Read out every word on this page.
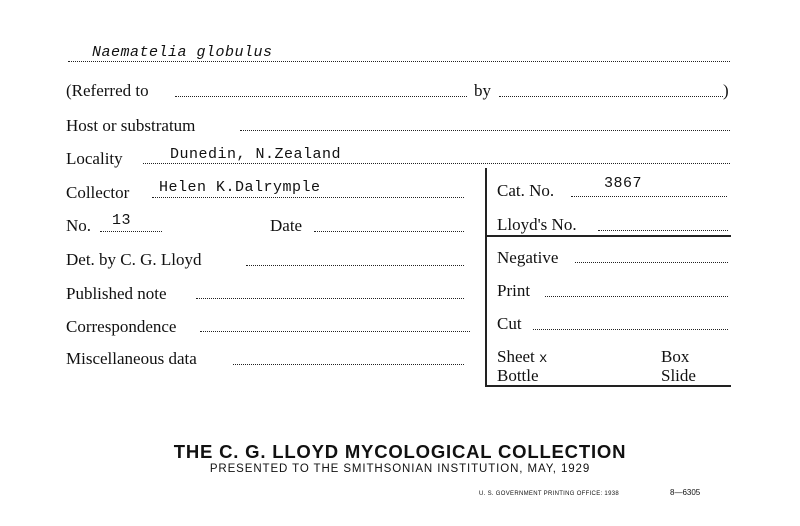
Naematelia globulus
(Referred to	by	)
Host or substratum
Locality	Dunedin, N.Zealand
Collector Helen K.Dalrymple
No. 13	Date
Det. by C. G. Lloyd
Published note
Correspondence
Miscellaneous data
Cat. No.	3867
Lloyd's No.
Negative
Print
Cut
Sheet x	Box
Bottle	Slide
THE C. G. LLOYD MYCOLOGICAL COLLECTION
PRESENTED TO THE SMITHSONIAN INSTITUTION, MAY, 1929
U. S. GOVERNMENT PRINTING OFFICE: 1938	8—6305
